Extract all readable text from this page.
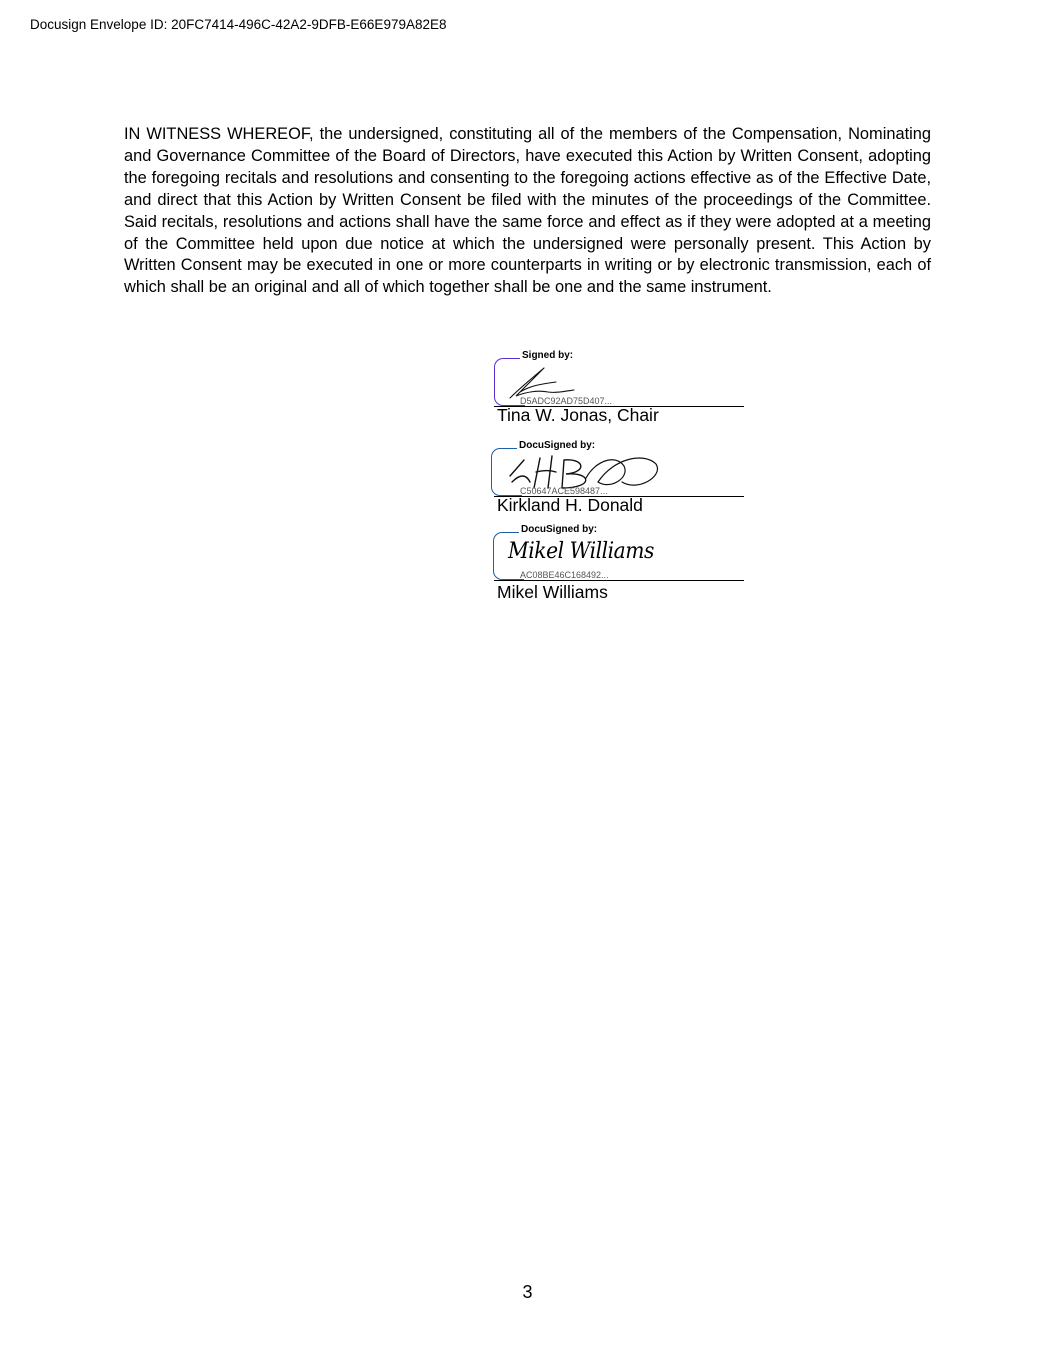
Docusign Envelope ID: 20FC7414-496C-42A2-9DFB-E66E979A82E8

IN WITNESS WHEREOF, the undersigned, constituting all of the members of the Compensation, Nominating and Governance Committee of the Board of Directors, have executed this Action by Written Consent, adopting the foregoing recitals and resolutions and consenting to the foregoing actions effective as of the Effective Date, and direct that this Action by Written Consent be filed with the minutes of the proceedings of the Committee. Said recitals, resolutions and actions shall have the same force and effect as if they were adopted at a meeting of the Committee held upon due notice at which the undersigned were personally present. This Action by Written Consent may be executed in one or more counterparts in writing or by electronic transmission, each of which shall be an original and all of which together shall be one and the same instrument.

Signed by:
D5ADC92AD75D407...
Tina W. Jonas, Chair
DocuSigned by:
C50647ACE598487...
Kirkland H. Donald
DocuSigned by:
Mikel Williams
AC08BE46C168492...
Mikel Williams
3
